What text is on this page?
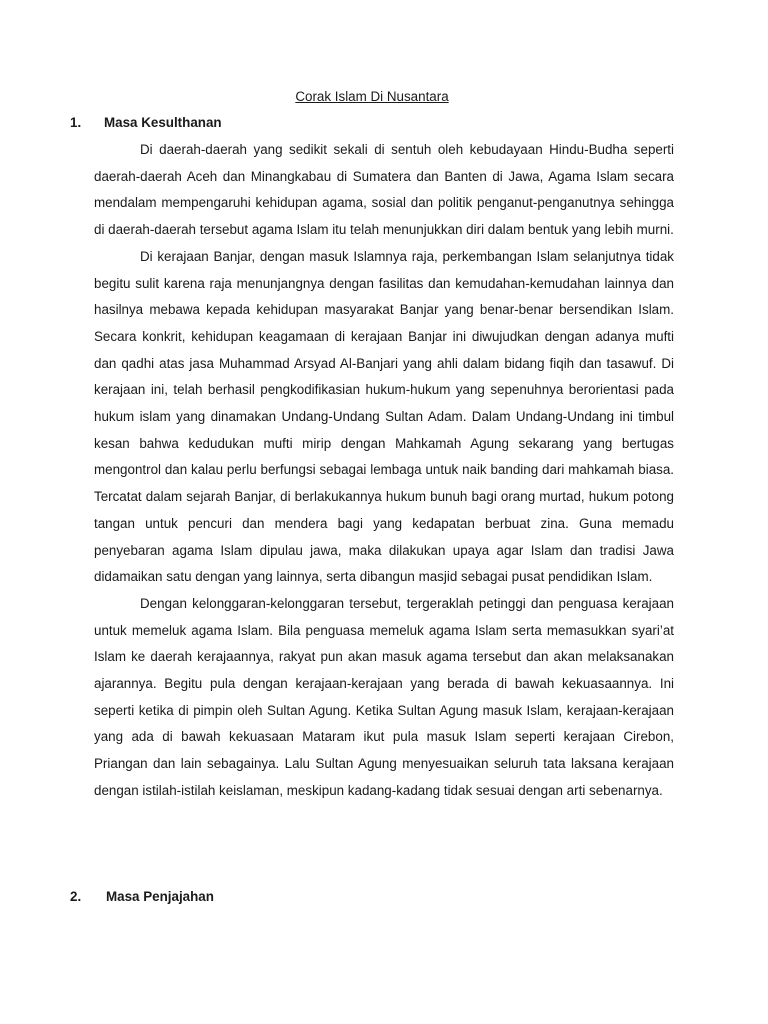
Corak Islam Di Nusantara
1. Masa Kesulthanan

Di daerah-daerah yang sedikit sekali di sentuh oleh kebudayaan Hindu-Budha seperti daerah-daerah Aceh dan Minangkabau di Sumatera dan Banten di Jawa, Agama Islam secara mendalam mempengaruhi kehidupan agama, sosial dan politik penganut-penganutnya sehingga di daerah-daerah tersebut agama Islam itu telah menunjukkan diri dalam bentuk yang lebih murni.

Di kerajaan Banjar, dengan masuk Islamnya raja, perkembangan Islam selanjutnya tidak begitu sulit karena raja menunjangnya dengan fasilitas dan kemudahan-kemudahan lainnya dan hasilnya mebawa kepada kehidupan masyarakat Banjar yang benar-benar bersendikan Islam. Secara konkrit, kehidupan keagamaan di kerajaan Banjar ini diwujudkan dengan adanya mufti dan qadhi atas jasa Muhammad Arsyad Al-Banjari yang ahli dalam bidang fiqih dan tasawuf. Di kerajaan ini, telah berhasil pengkodifikasian hukum-hukum yang sepenuhnya berorientasi pada hukum islam yang dinamakan Undang-Undang Sultan Adam. Dalam Undang-Undang ini timbul kesan bahwa kedudukan mufti mirip dengan Mahkamah Agung sekarang yang bertugas mengontrol dan kalau perlu berfungsi sebagai lembaga untuk naik banding dari mahkamah biasa. Tercatat dalam sejarah Banjar, di berlakukannya hukum bunuh bagi orang murtad, hukum potong tangan untuk pencuri dan mendera bagi yang kedapatan berbuat zina. Guna memadu penyebaran agama Islam dipulau jawa, maka dilakukan upaya agar Islam dan tradisi Jawa didamaikan satu dengan yang lainnya, serta dibangun masjid sebagai pusat pendidikan Islam.

Dengan kelonggaran-kelonggaran tersebut, tergeraklah petinggi dan penguasa kerajaan untuk memeluk agama Islam. Bila penguasa memeluk agama Islam serta memasukkan syari’at Islam ke daerah kerajaannya, rakyat pun akan masuk agama tersebut dan akan melaksanakan ajarannya. Begitu pula dengan kerajaan-kerajaan yang berada di bawah kekuasaannya. Ini seperti ketika di pimpin oleh Sultan Agung. Ketika Sultan Agung masuk Islam, kerajaan-kerajaan yang ada di bawah kekuasaan Mataram ikut pula masuk Islam seperti kerajaan Cirebon, Priangan dan lain sebagainya. Lalu Sultan Agung menyesuaikan seluruh tata laksana kerajaan dengan istilah-istilah keislaman, meskipun kadang-kadang tidak sesuai dengan arti sebenarnya.

2. Masa Penjajahan
